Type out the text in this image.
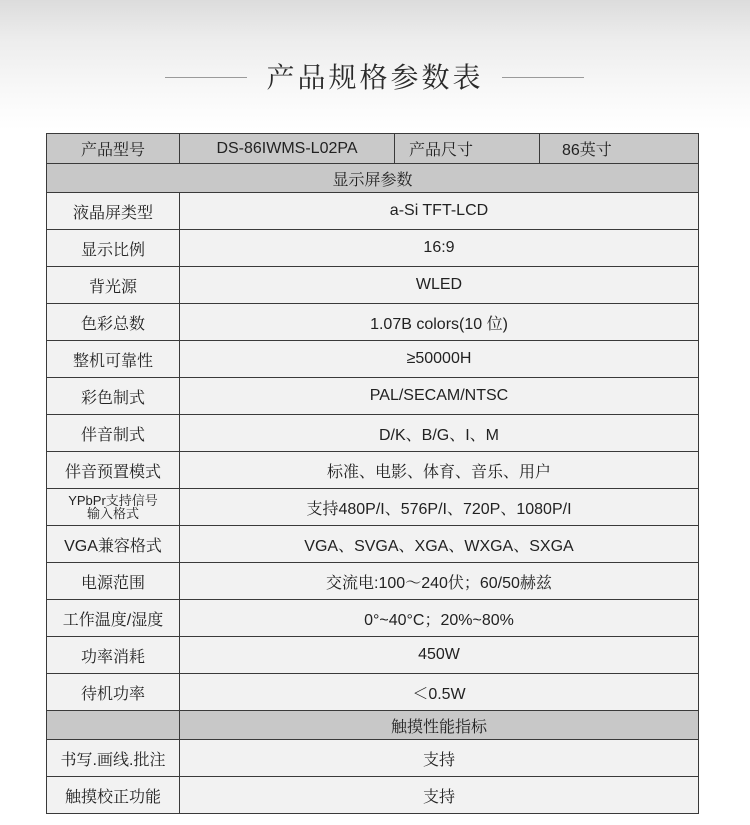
产品规格参数表
产品型号	DS-86IWMS-L02PA	产品尺寸	86英寸
显示屏参数			
液晶屏类型	a-Si TFT-LCD		
显示比例	16:9		
背光源	WLED		
色彩总数	1.07B colors(10 位)		
整机可靠性	≥50000H		
彩色制式	PAL/SECAM/NTSC		
伴音制式	D/K、B/G、I、M		
伴音预置模式	标准、电影、体育、音乐、用户		

YPbPr支持信号
输入格式	支持480P/I、576P/I、720P、1080P/I		
VGA兼容格式	VGA、SVGA、XGA、WXGA、SXGA		
电源范围	交流电:100～240伏；60/50赫兹		
工作温度/湿度	0°~40°C；20%~80%		
功率消耗	450W		
待机功率	＜0.5W		
	触摸性能指标		
书写.画线.批注	支持		
触摸校正功能	支持		
